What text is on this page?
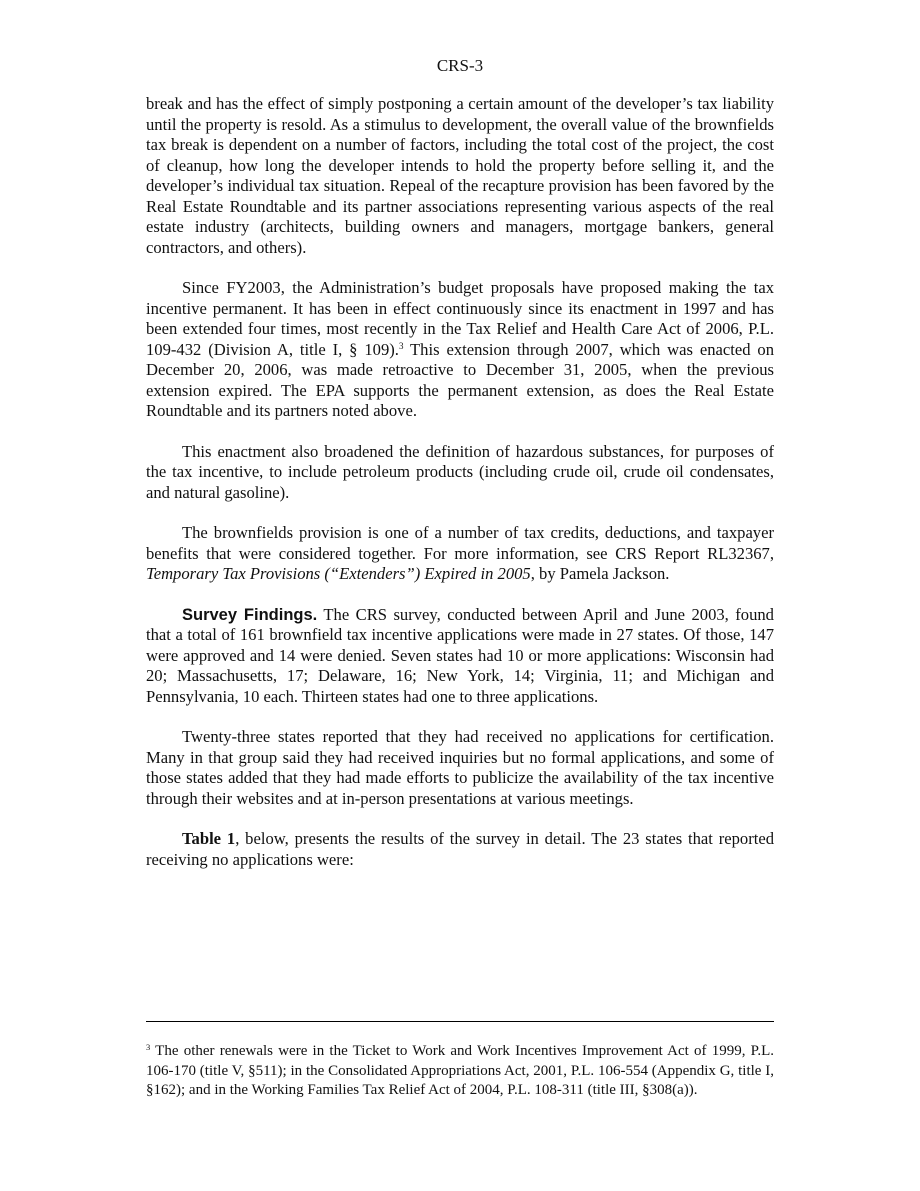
CRS-3

break and has the effect of simply postponing a certain amount of the developer’s tax liability until the property is resold. As a stimulus to development, the overall value of the brownfields tax break is dependent on a number of factors, including the total cost of the project, the cost of cleanup, how long the developer intends to hold the property before selling it, and the developer’s individual tax situation. Repeal of the recapture provision has been favored by the Real Estate Roundtable and its partner associations representing various aspects of the real estate industry (architects, building owners and managers, mortgage bankers, general contractors, and others).

Since FY2003, the Administration’s budget proposals have proposed making the tax incentive permanent. It has been in effect continuously since its enactment in 1997 and has been extended four times, most recently in the Tax Relief and Health Care Act of 2006, P.L. 109-432 (Division A, title I, § 109).$^3$ This extension through 2007, which was enacted on December 20, 2006, was made retroactive to December 31, 2005, when the previous extension expired. The EPA supports the permanent extension, as does the Real Estate Roundtable and its partners noted above.

This enactment also broadened the definition of hazardous substances, for purposes of the tax incentive, to include petroleum products (including crude oil, crude oil condensates, and natural gasoline).

The brownfields provision is one of a number of tax credits, deductions, and taxpayer benefits that were considered together. For more information, see CRS Report RL32367, Temporary Tax Provisions (“Extenders”) Expired in 2005, by Pamela Jackson.

Survey Findings. The CRS survey, conducted between April and June 2003, found that a total of 161 brownfield tax incentive applications were made in 27 states. Of those, 147 were approved and 14 were denied. Seven states had 10 or more applications: Wisconsin had 20; Massachusetts, 17; Delaware, 16; New York, 14; Virginia, 11; and Michigan and Pennsylvania, 10 each. Thirteen states had one to three applications.

Twenty-three states reported that they had received no applications for certification. Many in that group said they had received inquiries but no formal applications, and some of those states added that they had made efforts to publicize the availability of the tax incentive through their websites and at in-person presentations at various meetings.

Table 1, below, presents the results of the survey in detail. The 23 states that reported receiving no applications were:

$^3$ The other renewals were in the Ticket to Work and Work Incentives Improvement Act of 1999, P.L. 106-170 (title V, §511); in the Consolidated Appropriations Act, 2001, P.L. 106-554 (Appendix G, title I, §162); and in the Working Families Tax Relief Act of 2004, P.L. 108-311 (title III, §308(a)).
